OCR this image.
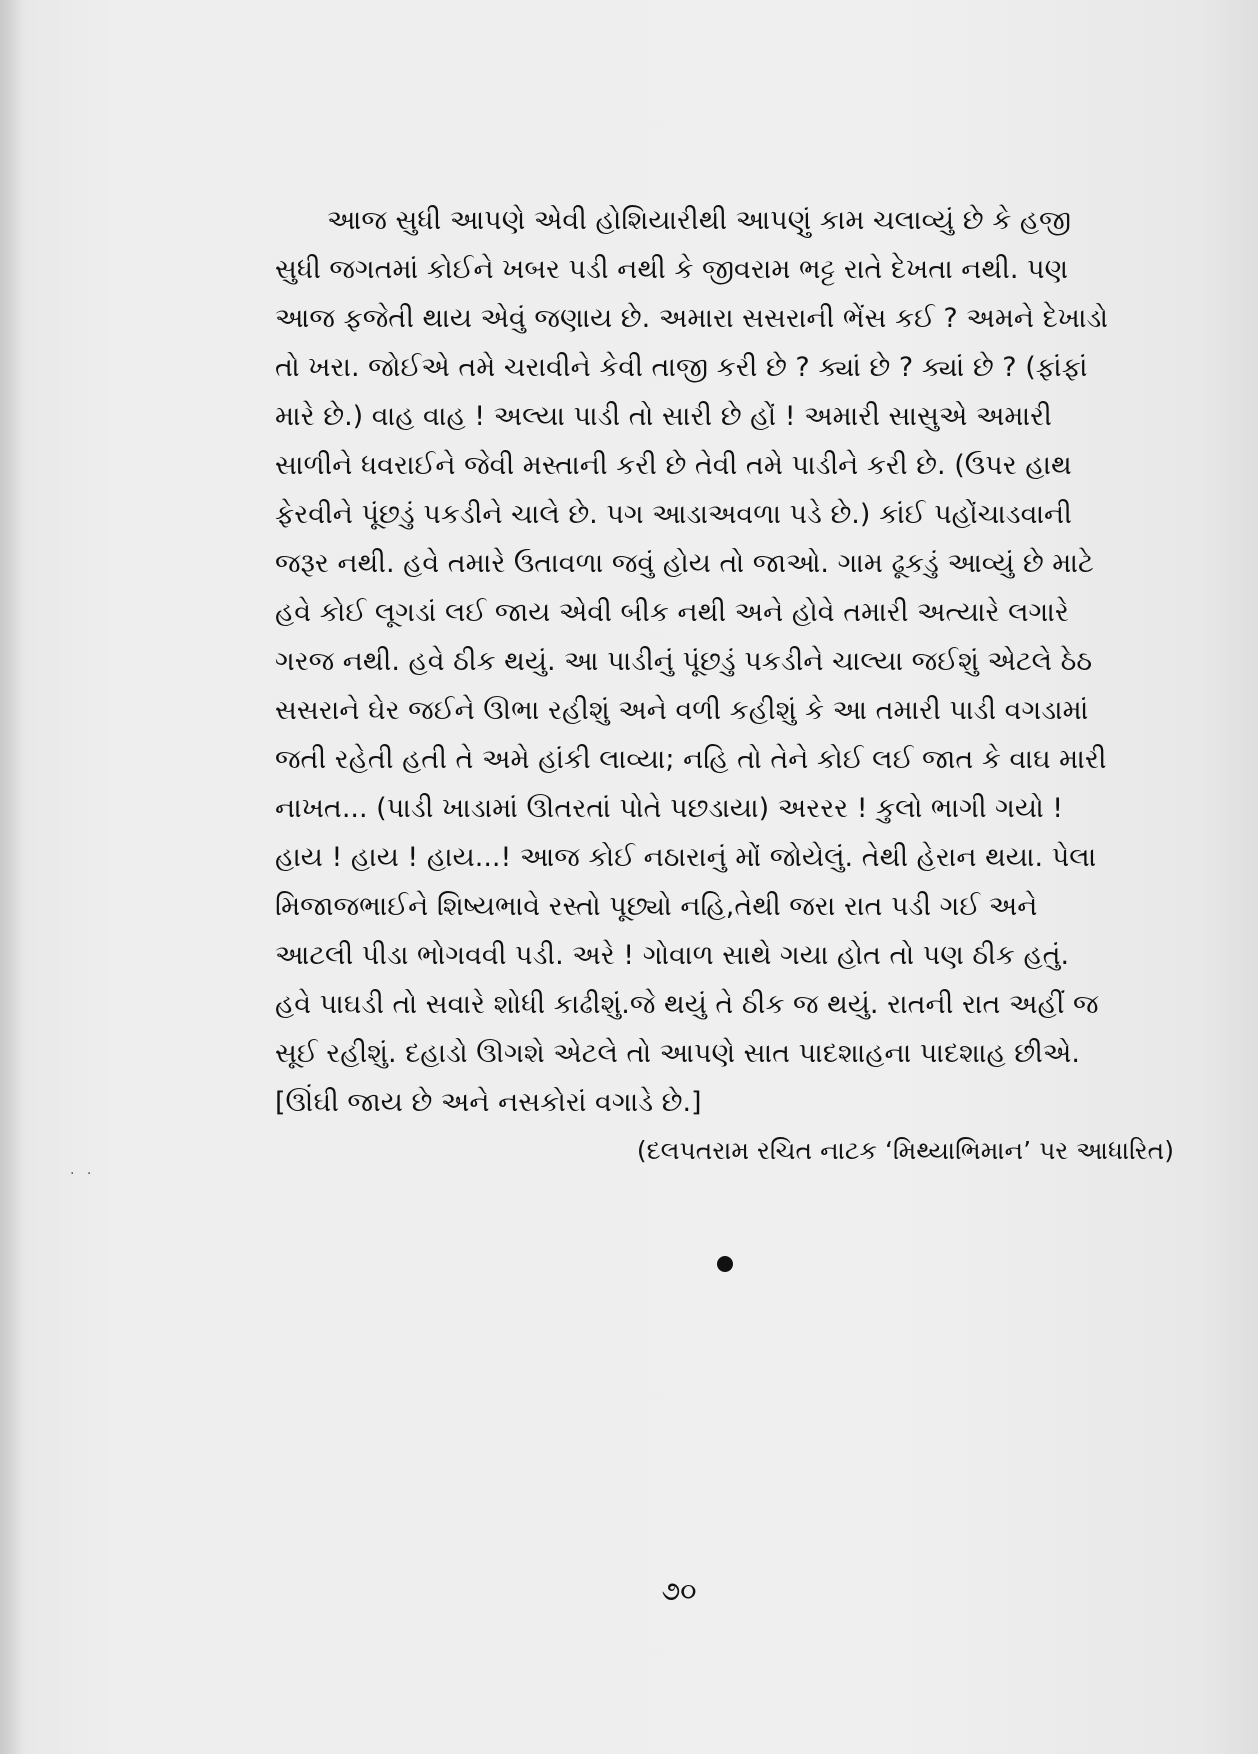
આજ સુધી આપણે એવી હોશિયારીથી આપણું કામ ચલાવ્યું છે કે હજી
સુધી જગતમાં કોઈને ખબર પડી નથી કે જીવરામ ભટ્ટ રાતે દેખતા નથી. પણ
આજ ફજેતી થાય એવું જણાય છે. અમારા સસરાની ભેંસ કઈ ? અમને દેખાડો
તો ખરા. જોઈએ તમે ચરાવીને કેવી તાજી કરી છે ? ક્યાં છે ? ક્યાં છે ? (ફાંફાં
મારે છે.) વાહ વાહ ! અલ્યા પાડી તો સારી છે હોં ! અમારી સાસુએ અમારી
સાળીને ધવરાઈને જેવી મસ્તાની કરી છે તેવી તમે પાડીને કરી છે. (ઉપર હાથ
ફેરવીને પૂંછડું પકડીને ચાલે છે. પગ આડાઅવળા પડે છે.) કાંઈ પહોંચાડવાની
જરૂર નથી. હવે તમારે ઉતાવળા જવું હોય તો જાઓ. ગામ ઢૂકડું આવ્યું છે માટે
હવે કોઈ લૂગડાં લઈ જાય એવી બીક નથી અને હોવે તમારી અત્યારે લગારે
ગરજ નથી. હવે ઠીક થયું. આ પાડીનું પૂંછડું પકડીને ચાલ્યા જઈશું એટલે ઠેઠ
સસરાને ઘેર જઈને ઊભા રહીશું અને વળી કહીશું કે આ તમારી પાડી વગડામાં
જતી રહેતી હતી તે અમે હાંકી લાવ્યા; નહિ તો તેને કોઈ લઈ જાત કે વાઘ મારી
નાખત... (પાડી ખાડામાં ઊતરતાં પોતે પછડાયા) અરરર ! કુલો ભાગી ગયો !
હાય ! હાય ! હાય...! આજ કોઈ નઠારાનું મોં જોયેલું. તેથી હેરાન થયા. પેલા
મિજાજભાઈને શિષ્યભાવે રસ્તો પૂછ્યો નહિ,તેથી જરા રાત પડી ગઈ અને
આટલી પીડા ભોગવવી પડી. અરે ! ગોવાળ સાથે ગયા હોત તો પણ ઠીક હતું.
હવે પાઘડી તો સવારે શોધી કાઢીશું.જે થયું તે ઠીક જ થયું. રાતની રાત અહીં જ
સૂઈ રહીશું. દહાડો ઊગશે એટલે તો આપણે સાત પાદશાહના પાદશાહ છીએ.
[ઊંઘી જાય છે અને નસકોરાં વગાડે છે.]
. .
(દલપતરામ રચિત નાટક ‘મિથ્યાભિમાન’ પર આધારિત)
૭૦
